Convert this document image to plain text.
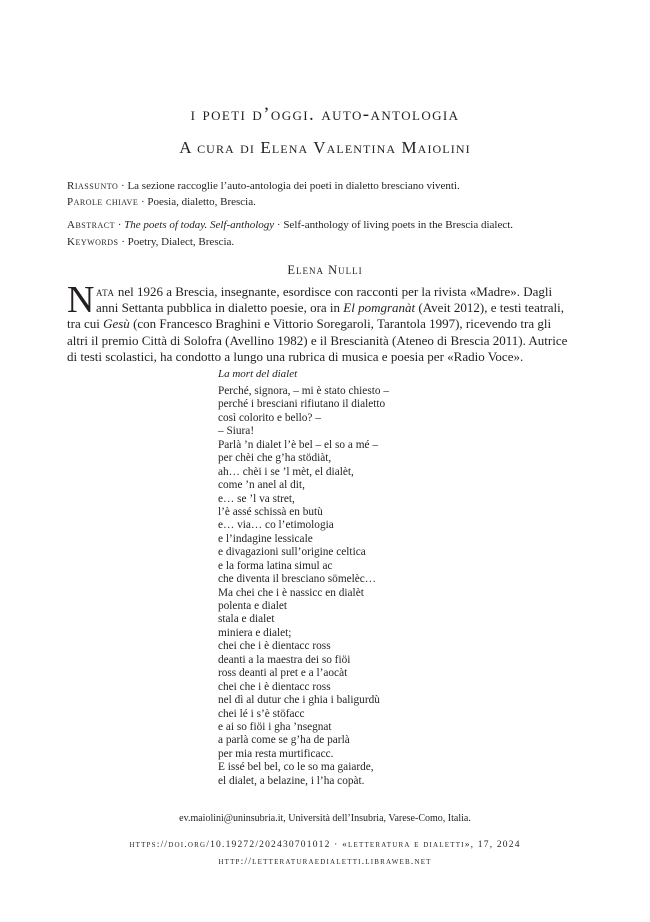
i poeti d’oggi. auto-antologia
A cura di Elena Valentina Maiolini
Riassunto · La sezione raccoglie l’auto-antologia dei poeti in dialetto bresciano viventi.
Parole chiave · Poesia, dialetto, Brescia.
Abstract · The poets of today. Self-anthology · Self-anthology of living poets in the Brescia dialect.
Keywords · Poetry, Dialect, Brescia.
Elena Nulli
N ata nel 1926 a Brescia, insegnante, esordisce con racconti per la rivista «Madre». Dagli
anni Settanta pubblica in dialetto poesie, ora in El pomgranàt (Aveit 2012), e testi teatrali,
tra cui Gesù (con Francesco Braghini e Vittorio Soregaroli, Tarantola 1997), ricevendo tra gli
altri il premio Città di Solofra (Avellino 1982) e il Brescianità (Ateneo di Brescia 2011). Autrice
di testi scolastici, ha condotto a lungo una rubrica di musica e poesia per «Radio Voce».
La mort del dialet
Perché, signora, – mi è stato chiesto –
perché i bresciani rifiutano il dialetto
così colorito e bello? –
– Siura!
Parlà ’n dialet l’è bel – el so a mé –
per chèi che g’ha stödiàt,
ah… chèi i se ’l mèt, el dialèt,
come ’n anel al dit,
e… se ’l va stret,
l’è assé schissà en butù
e… via… co l’etimologia
e l’indagine lessicale
e divagazioni sull’origine celtica
e la forma latina simul ac
che diventa il bresciano sömelèc…
Ma chei che i è nassicc en dialèt
polenta e dialet
stala e dialet
miniera e dialet;
chei che i è dientacc ross
deanti a la maestra dei so fiöi
ross deanti al pret e a l’aocàt
chei che i è dientacc ross
nel dì al dutur che i ghia i baligurdù
chei lé i s’è stöfacc
e ai so fiöi i gha ’nsegnat
a parlà come se g’ha de parlà
per mia resta murtificacc.
E issé bel bel, co le so ma gaiarde,
el dialet, a belazine, i l’ha copàt.
ev.maiolini@uninsubria.it, Università dell’Insubria, Varese-Como, Italia.
https://doi.org/10.19272/202430701012 · «letteratura e dialetti», 17, 2024
http://letteraturaedialetti.libraweb.net
